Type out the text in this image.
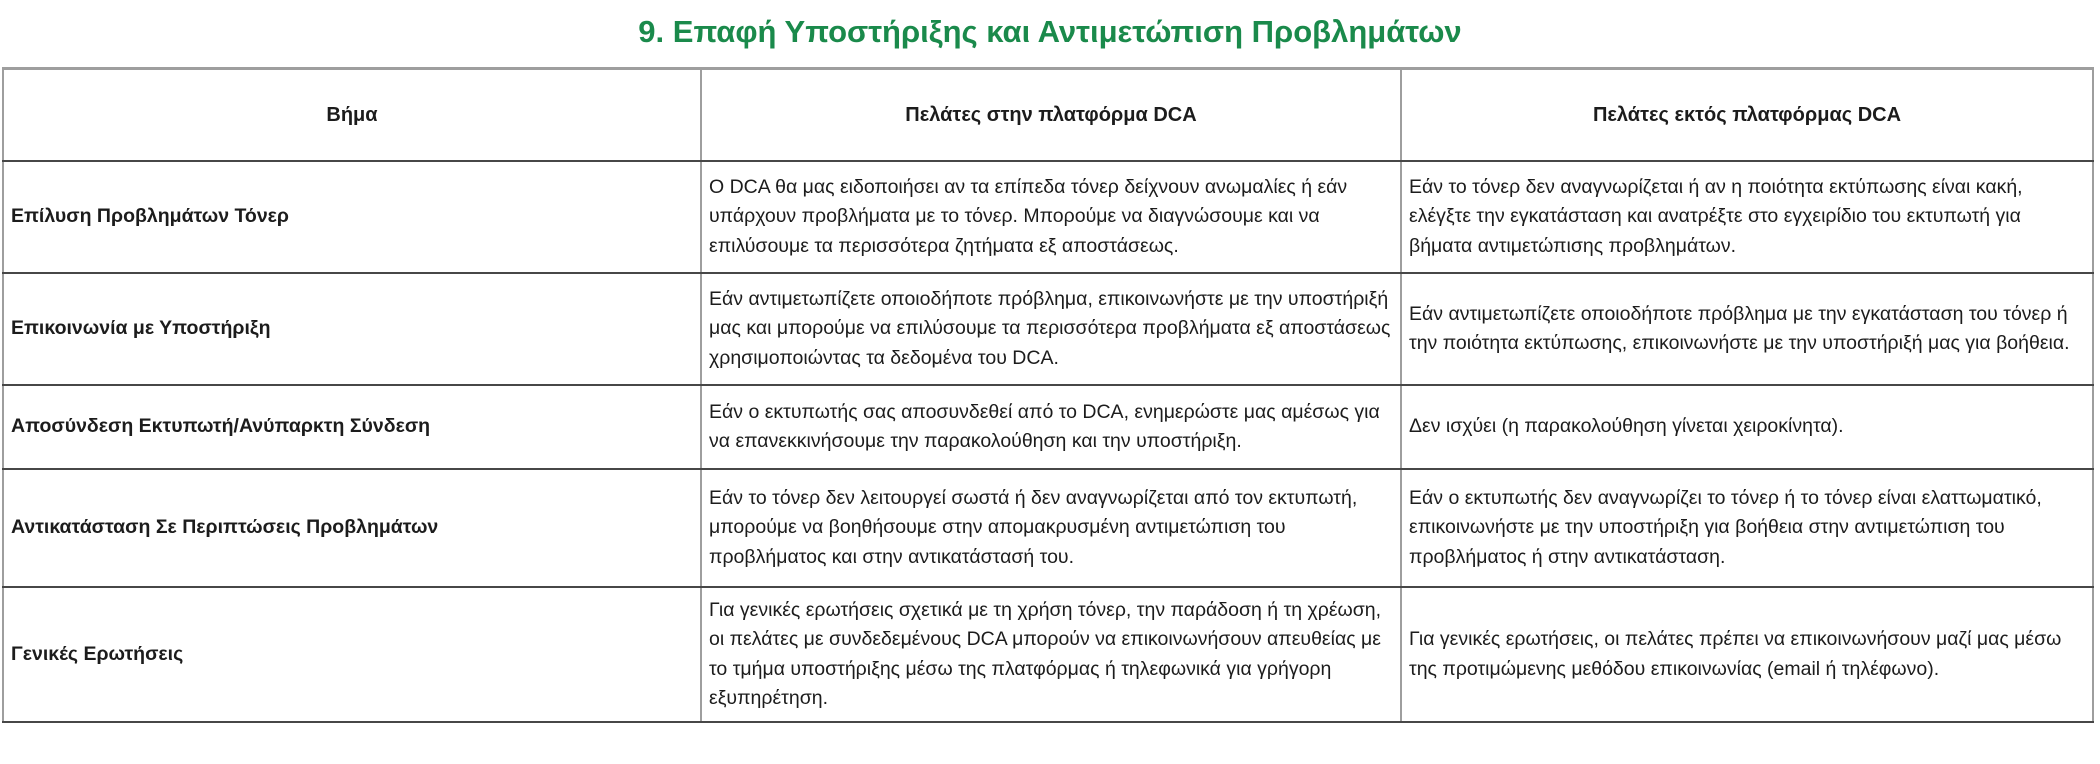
9. Επαφή Υποστήριξης και Αντιμετώπιση Προβλημάτων
Βήμα	Πελάτες στην πλατφόρμα DCA	Πελάτες εκτός πλατφόρμας DCA
Επίλυση Προβλημάτων Τόνερ	Ο DCA θα μας ειδοποιήσει αν τα επίπεδα τόνερ δείχνουν ανωμαλίες ή εάν υπάρχουν προβλήματα με το τόνερ. Μπορούμε να διαγνώσουμε και να επιλύσουμε τα περισσότερα ζητήματα εξ αποστάσεως.	Εάν το τόνερ δεν αναγνωρίζεται ή αν η ποιότητα εκτύπωσης είναι κακή, ελέγξτε την εγκατάσταση και ανατρέξτε στο εγχειρίδιο του εκτυπωτή για βήματα αντιμετώπισης προβλημάτων.
Επικοινωνία με Υποστήριξη	Εάν αντιμετωπίζετε οποιοδήποτε πρόβλημα, επικοινωνήστε με την υποστήριξή μας και μπορούμε να επιλύσουμε τα περισσότερα προβλήματα εξ αποστάσεως χρησιμοποιώντας τα δεδομένα του DCA.	Εάν αντιμετωπίζετε οποιοδήποτε πρόβλημα με την εγκατάσταση του τόνερ ή την ποιότητα εκτύπωσης, επικοινωνήστε με την υποστήριξή μας για βοήθεια.
Αποσύνδεση Εκτυπωτή/Ανύπαρκτη Σύνδεση	Εάν ο εκτυπωτής σας αποσυνδεθεί από το DCA, ενημερώστε μας αμέσως για να επανεκκινήσουμε την παρακολούθηση και την υποστήριξη.	Δεν ισχύει (η παρακολούθηση γίνεται χειροκίνητα).
Αντικατάσταση Σε Περιπτώσεις Προβλημάτων	Εάν το τόνερ δεν λειτουργεί σωστά ή δεν αναγνωρίζεται από τον εκτυπωτή, μπορούμε να βοηθήσουμε στην απομακρυσμένη αντιμετώπιση του προβλήματος και στην αντικατάστασή του.	Εάν ο εκτυπωτής δεν αναγνωρίζει το τόνερ ή το τόνερ είναι ελαττωματικό, επικοινωνήστε με την υποστήριξη για βοήθεια στην αντιμετώπιση του προβλήματος ή στην αντικατάσταση.
Γενικές Ερωτήσεις	Για γενικές ερωτήσεις σχετικά με τη χρήση τόνερ, την παράδοση ή τη χρέωση, οι πελάτες με συνδεδεμένους DCA μπορούν να επικοινωνήσουν απευθείας με το τμήμα υποστήριξης μέσω της πλατφόρμας ή τηλεφωνικά για γρήγορη εξυπηρέτηση.	Για γενικές ερωτήσεις, οι πελάτες πρέπει να επικοινωνήσουν μαζί μας μέσω της προτιμώμενης μεθόδου επικοινωνίας (email ή τηλέφωνο).
